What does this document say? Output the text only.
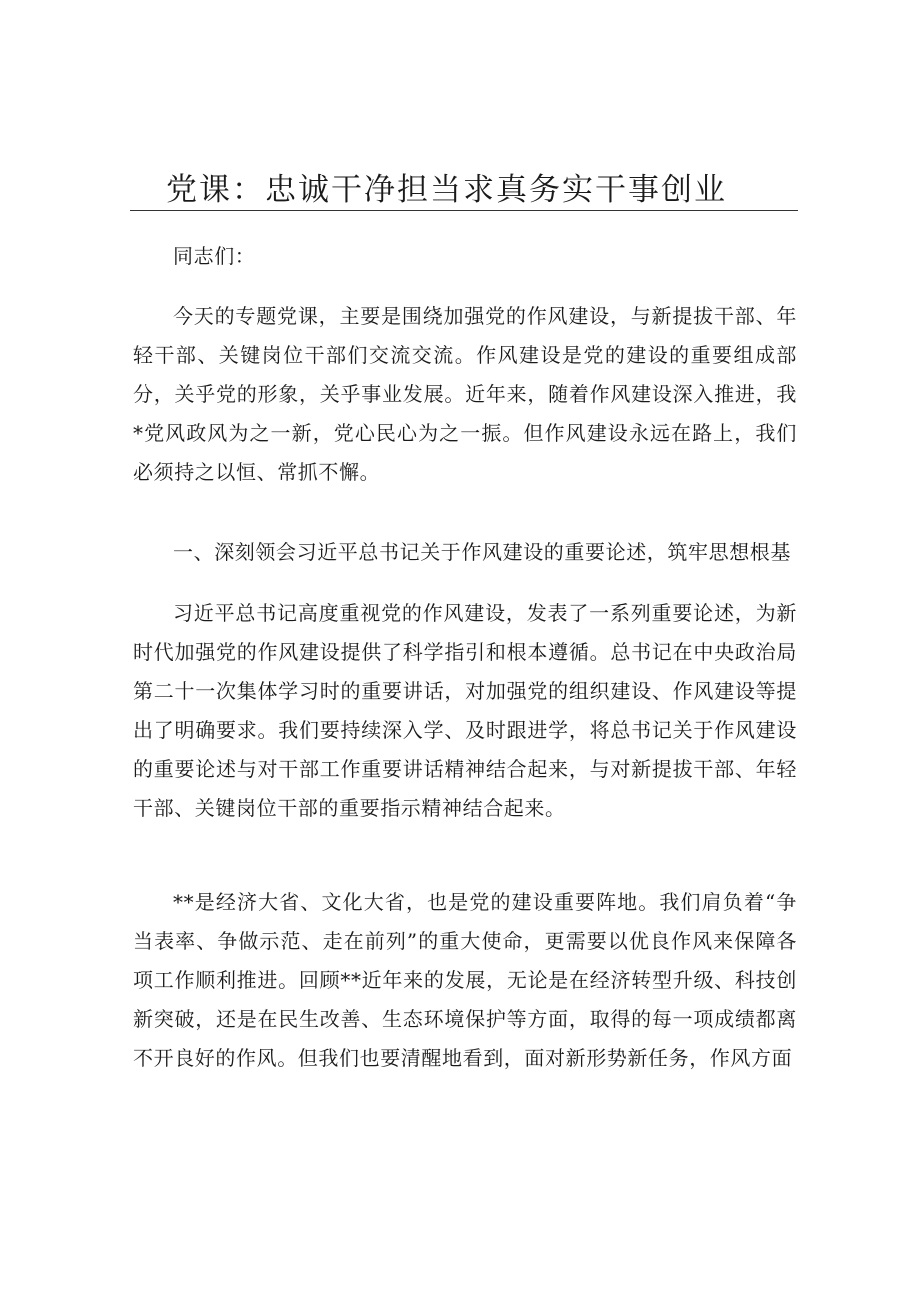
党课：忠诚干净担当求真务实干事创业

同志们：

今天的专题党课，主要是围绕加强党的作风建设，与新提拔干部、年轻干部、关键岗位干部们交流交流。作风建设是党的建设的重要组成部分，关乎党的形象，关乎事业发展。近年来，随着作风建设深入推进，我*党风政风为之一新，党心民心为之一振。但作风建设永远在路上，我们必须持之以恒、常抓不懈。

一、深刻领会习近平总书记关于作风建设的重要论述，筑牢思想根基

习近平总书记高度重视党的作风建设，发表了一系列重要论述，为新时代加强党的作风建设提供了科学指引和根本遵循。总书记在中央政治局第二十一次集体学习时的重要讲话，对加强党的组织建设、作风建设等提出了明确要求。我们要持续深入学、及时跟进学，将总书记关于作风建设的重要论述与对干部工作重要讲话精神结合起来，与对新提拔干部、年轻干部、关键岗位干部的重要指示精神结合起来。

**是经济大省、文化大省，也是党的建设重要阵地。我们肩负着“争当表率、争做示范、走在前列”的重大使命，更需要以优良作风来保障各项工作顺利推进。回顾**近年来的发展，无论是在经济转型升级、科技创新突破，还是在民生改善、生态环境保护等方面，取得的每一项成绩都离不开良好的作风。但我们也要清醒地看到，面对新形势新任务，作风方面
